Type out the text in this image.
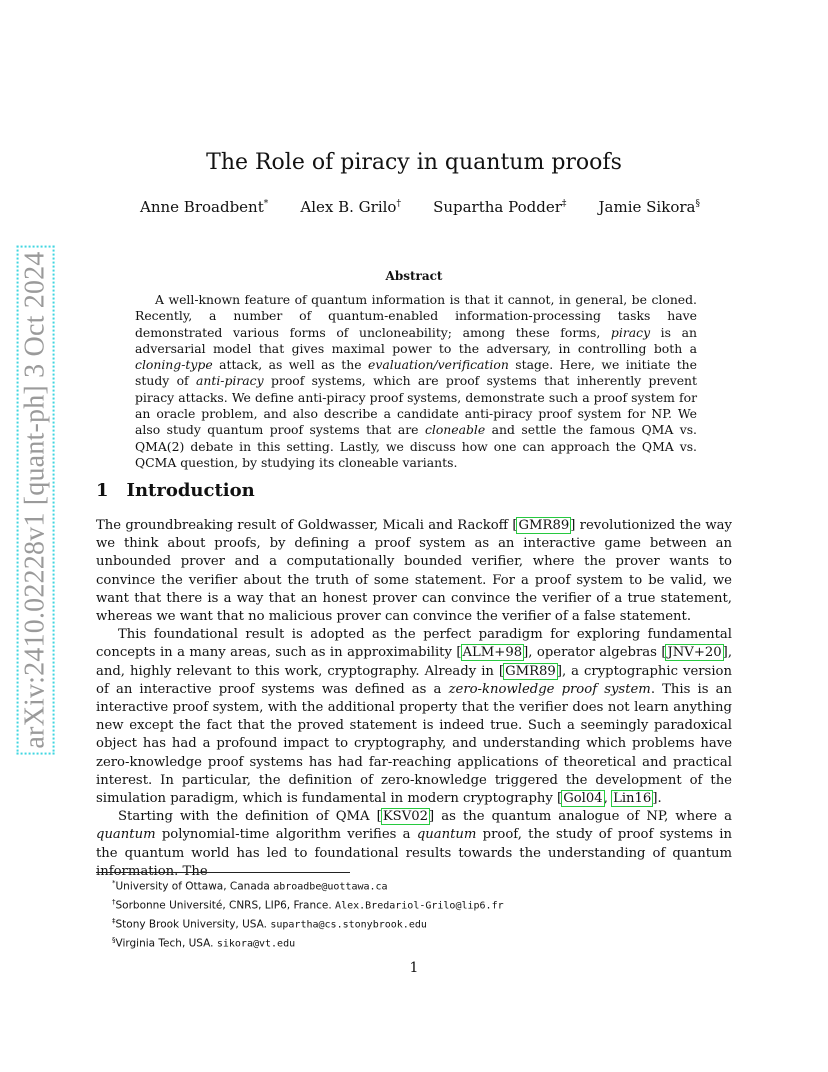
arXiv:2410.02228v1 [quant-ph] 3 Oct 2024
The Role of piracy in quantum proofs
Anne Broadbent* Alex B. Grilo† Supartha Podder‡ Jamie Sikora§
Abstract

A well-known feature of quantum information is that it cannot, in general, be cloned. Recently, a number of quantum-enabled information-processing tasks have demonstrated various forms of uncloneability; among these forms, piracy is an adversarial model that gives maximal power to the adversary, in controlling both a cloning-type attack, as well as the evaluation/verification stage. Here, we initiate the study of anti-piracy proof systems, which are proof systems that inherently prevent piracy attacks. We define anti-piracy proof systems, demonstrate such a proof system for an oracle problem, and also describe a candidate anti-piracy proof system for NP. We also study quantum proof systems that are cloneable and settle the famous QMA vs. QMA(2) debate in this setting. Lastly, we discuss how one can approach the QMA vs. QCMA question, by studying its cloneable variants.

1 Introduction

The groundbreaking result of Goldwasser, Micali and Rackoff [GMR89] revolutionized the way we think about proofs, by defining a proof system as an interactive game between an unbounded prover and a computationally bounded verifier, where the prover wants to convince the verifier about the truth of some statement. For a proof system to be valid, we want that there is a way that an honest prover can convince the verifier of a true statement, whereas we want that no malicious prover can convince the verifier of a false statement.

This foundational result is adopted as the perfect paradigm for exploring fundamental concepts in a many areas, such as in approximability [ALM+98], operator algebras [JNV+20], and, highly relevant to this work, cryptography. Already in [GMR89], a cryptographic version of an interactive proof systems was defined as a zero-knowledge proof system. This is an interactive proof system, with the additional property that the verifier does not learn anything new except the fact that the proved statement is indeed true. Such a seemingly paradoxical object has had a profound impact to cryptography, and understanding which problems have zero-knowledge proof systems has had far-reaching applications of theoretical and practical interest. In particular, the definition of zero-knowledge triggered the development of the simulation paradigm, which is fundamental in modern cryptography [Gol04, Lin16].

Starting with the definition of QMA [KSV02] as the quantum analogue of NP, where a quantum polynomial-time algorithm verifies a quantum proof, the study of proof systems in the quantum world has led to foundational results towards the understanding of quantum information. The

*University of Ottawa, Canada abroadbe@uottawa.ca
†Sorbonne Université, CNRS, LIP6, France. Alex.Bredariol-Grilo@lip6.fr
‡Stony Brook University, USA. supartha@cs.stonybrook.edu
§Virginia Tech, USA. sikora@vt.edu
1
